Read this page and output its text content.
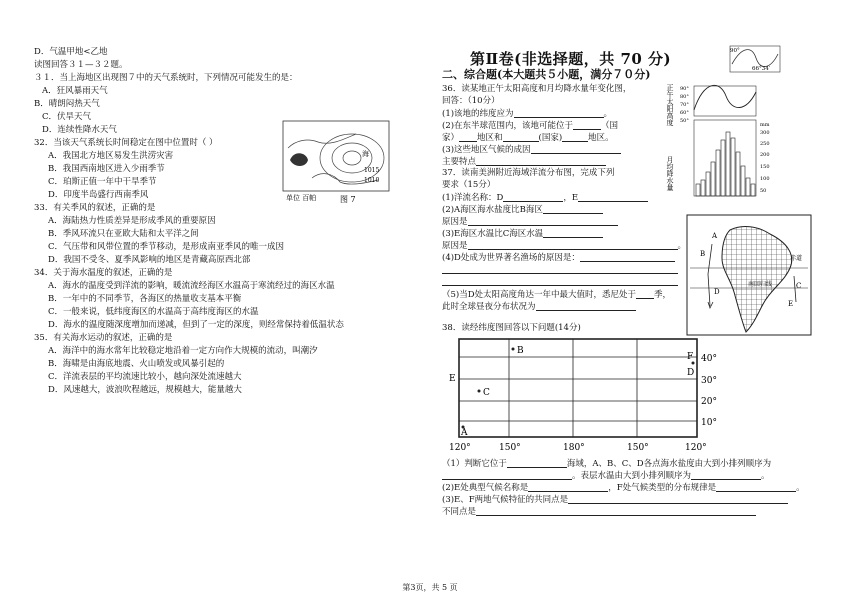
D．气温甲地<乙地
读图回答３１—３２题。
３１．当上海地区出现图７中的天气系统时，下列情况可能发生的是：
A．狂风暴雨天气
B．晴朗闷热天气
C．伏旱天气
D．连续性降水天气
32．当该天气系统长时间稳定在图中位置时（ ）
A．我国北方地区易发生洪涝灾害
B．我国西南地区进入少雨季节
C．珀斯正值一年中干旱季节
D．印度半岛盛行西南季风
33．有关季风的叙述，正确的是
A．海陆热力性质差异是形成季风的重要原因
B．季风环流只在亚欧大陆和太平洋之间
C．气压带和风带位置的季节移动，是形成南亚季风的唯一成因
D．我国不受冬、夏季风影响的地区是青藏高原西北部
34．关于海水温度的叙述，正确的是
A．海水的温度受到洋流的影响，暖流流经海区水温高于寒流经过的海区水温
B．一年中的不同季节，各海区的热量收支基本平衡
C．一般来说，低纬度海区的水温高于高纬度海区的水温
D．海水的温度随深度增加而递减，但到了一定的深度，则经常保持着低温状态
35．有关海水运动的叙述，正确的是
A．海洋中的海水常年比较稳定地沿着一定方向作大规模的流动，叫潮汐
B．海啸是由海底地震、火山喷发或风暴引起的
C．洋流表层的平均流速比较小，越向深处流速越大
D．风速越大，波浪吹程越远，规模越大，能量越大
海
1015
1010
单位 百帕	图 7
第Ⅱ卷(非选择题，共 70 分)
二、综合题(本大题共５小题，满分７０分)
36．读某地正午太阳高度和月均降水量年变化图，
回答：（10分）
(1)该地的纬度应为	。
(2)在东半球范围内，该地可能位于	（国
家） 地区和	(国家)	地区。
(3)这些地区气候的成因
主要特点
37．读南美洲附近海域洋流分布图，完成下列
要求（15分）
(1)洋流名称：D	，E
(2)A海区海水盐度比B海区
原因是
(3)E海区水温比C海区水温
原因是	。
(4)D处成为世界著名渔场的原因是：
（5)当D处太阳高度角达一年中最大值时，悉尼处于 季，
此时全球昼夜分布状况为
38．读经纬度图回答以下问题(14分)
（1）判断它位于	海域，A、B、C、D各点海水盐度由大到小排列顺序为
。表层水温由大到小排列顺序为	。
(2)E处典型气候名称是	，F处气候类型的分布规律是	。
(3)E、F两地气候特征的共同点是
不同点是
90°
66°34′
正午太阳高度
月均降水量
90°
80°
70°
60°
50°
mm
300
250
200
150
100
50
A
B
C
D
E
赤道
南回归线
B
C
E
A
D
F 40°
30°
20°
10°
120°	150°	180°	150°	120°
第3页，共 5 页
